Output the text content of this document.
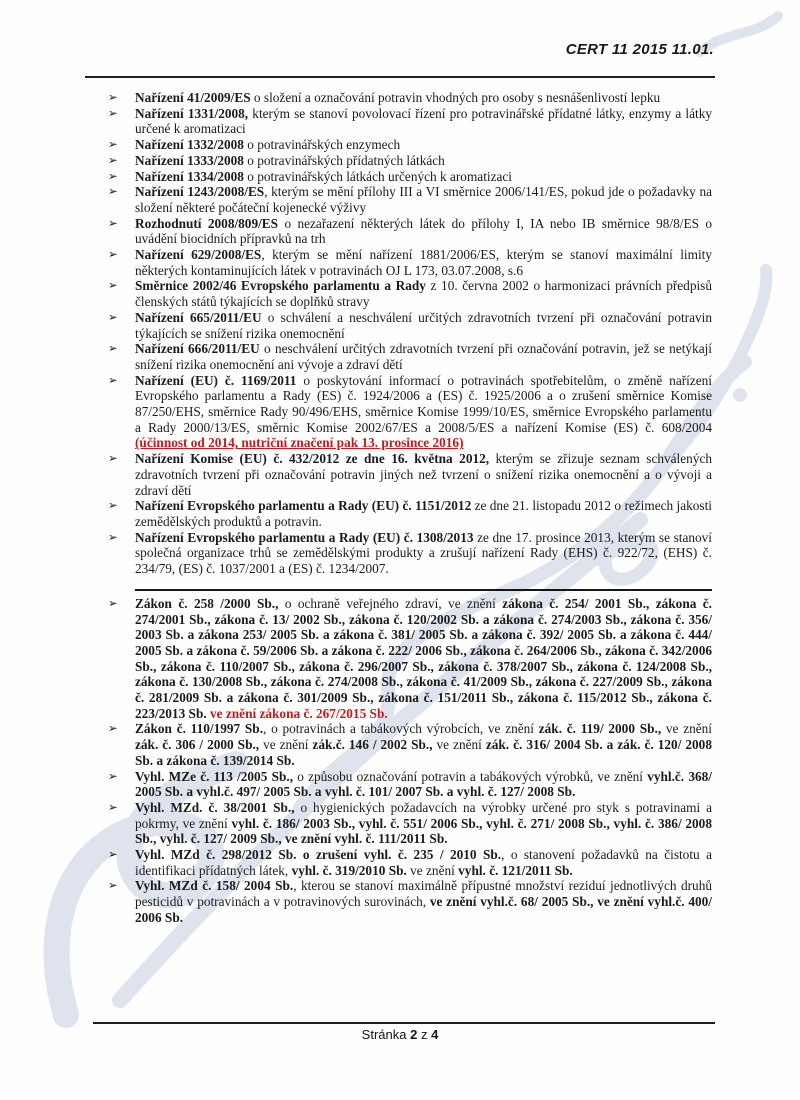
CERT 11 2015 11.01.
➢ Nařízení 41/2009/ES o složení a označování potravin vhodných pro osoby s nesnášenlivostí lepku
➢ Nařízení 1331/2008, kterým se stanoví povolovací řízení pro potravinářské přídatné látky, enzymy a látky určené k aromatizaci
➢ Nařízení 1332/2008 o potravinářských enzymech
➢ Nařízení 1333/2008 o potravinářských přídatných látkách
➢ Nařízení 1334/2008 o potravinářských látkách určených k aromatizaci
➢ Nařízení 1243/2008/ES, kterým se mění přílohy III a VI směrnice 2006/141/ES, pokud jde o požadavky na složení některé počáteční kojenecké výživy
➢ Rozhodnutí 2008/809/ES o nezařazení některých látek do přílohy I, IA nebo IB směrnice 98/8/ES o uvádění biocidních přípravků na trh
➢ Nařízení 629/2008/ES, kterým se mění nařízení 1881/2006/ES, kterým se stanoví maximální limity některých kontaminujících látek v potravinách OJ L 173, 03.07.2008, s.6
➢ Směrnice 2002/46 Evropského parlamentu a Rady z 10. června 2002 o harmonizaci právních předpisů členských států týkajících se doplňků stravy
➢ Nařízení 665/2011/EU o schválení a neschválení určitých zdravotních tvrzení při označování potravin týkajících se snížení rizika onemocnění
➢ Nařízení 666/2011/EU o neschválení určitých zdravotních tvrzení při označování potravin, jež se netýkají snížení rizika onemocnění ani vývoje a zdraví dětí
➢ Nařízení (EU) č. 1169/2011 o poskytování informací o potravinách spotřebitelům, o změně nařízení Evropského parlamentu a Rady (ES) č. 1924/2006 a (ES) č. 1925/2006 a o zrušení směrnice Komise 87/250/EHS, směrnice Rady 90/496/EHS, směrnice Komise 1999/10/ES, směrnice Evropského parlamentu a Rady 2000/13/ES, směrnic Komise 2002/67/ES a 2008/5/ES a nařízení Komise (ES) č. 608/2004 (účinnost od 2014, nutriční značení pak 13. prosince 2016)
➢ Nařízení Komise (EU) č. 432/2012 ze dne 16. května 2012, kterým se zřizuje seznam schválených zdravotních tvrzení při označování potravin jiných než tvrzení o snížení rizika onemocnění a o vývoji a zdraví dětí
➢ Nařízení Evropského parlamentu a Rady (EU) č. 1151/2012 ze dne 21. listopadu 2012 o režimech jakosti zemědělských produktů a potravin.
➢ Nařízení Evropského parlamentu a Rady (EU) č. 1308/2013 ze dne 17. prosince 2013, kterým se stanoví společná organizace trhů se zemědělskými produkty a zrušují nařízení Rady (EHS) č. 922/72, (EHS) č. 234/79, (ES) č. 1037/2001 a (ES) č. 1234/2007.
➢ Zákon č. 258 /2000 Sb., o ochraně veřejného zdraví, ve znění zákona č. 254/ 2001 Sb., zákona č. 274/2001 Sb., zákona č. 13/ 2002 Sb., zákona č. 120/2002 Sb. a zákona č. 274/2003 Sb., zákona č. 356/ 2003 Sb. a zákona 253/ 2005 Sb. a zákona č. 381/ 2005 Sb. a zákona č. 392/ 2005 Sb. a zákona č. 444/ 2005 Sb. a zákona č. 59/2006 Sb. a zákona č. 222/ 2006 Sb., zákona č. 264/2006 Sb., zákona č. 342/2006 Sb., zákona č. 110/2007 Sb., zákona č. 296/2007 Sb., zákona č. 378/2007 Sb., zákona č. 124/2008 Sb., zákona č. 130/2008 Sb., zákona č. 274/2008 Sb., zákona č. 41/2009 Sb., zákona č. 227/2009 Sb., zákona č. 281/2009 Sb. a zákona č. 301/2009 Sb., zákona č. 151/2011 Sb., zákona č. 115/2012 Sb., zákona č. 223/2013 Sb. ve znění zákona č. 267/2015 Sb.
➢ Zákon č. 110/1997 Sb., o potravinách a tabákových výrobcích, ve znění zák. č. 119/ 2000 Sb., ve znění zák. č. 306 / 2000 Sb., ve znění zák.č. 146 / 2002 Sb., ve znění zák. č. 316/ 2004 Sb. a zák. č. 120/ 2008 Sb. a zákona č. 139/2014 Sb.
➢ Vyhl. MZe č. 113 /2005 Sb., o způsobu označování potravin a tabákových výrobků, ve znění vyhl.č. 368/ 2005 Sb. a vyhl.č. 497/ 2005 Sb. a vyhl. č. 101/ 2007 Sb. a vyhl. č. 127/ 2008 Sb.
➢ Vyhl. MZd. č. 38/2001 Sb., o hygienických požadavcích na výrobky určené pro styk s potravinami a pokrmy, ve znění vyhl. č. 186/ 2003 Sb., vyhl. č. 551/ 2006 Sb., vyhl. č. 271/ 2008 Sb., vyhl. č. 386/ 2008 Sb., vyhl. č. 127/ 2009 Sb., ve znění vyhl. č. 111/2011 Sb.
➢ Vyhl. MZd č. 298/2012 Sb. o zrušení vyhl. č. 235 / 2010 Sb., o stanovení požadavků na čistotu a identifikaci přídatných látek, vyhl. č. 319/2010 Sb. ve znění vyhl. č. 121/2011 Sb.
➢ Vyhl. MZd č. 158/ 2004 Sb., kterou se stanoví maximálně přípustné množství reziduí jednotlivých druhů pesticidů v potravinách a v potravinových surovinách, ve znění vyhl.č. 68/ 2005 Sb., ve znění vyhl.č. 400/ 2006 Sb.
Stránka 2 z 4
